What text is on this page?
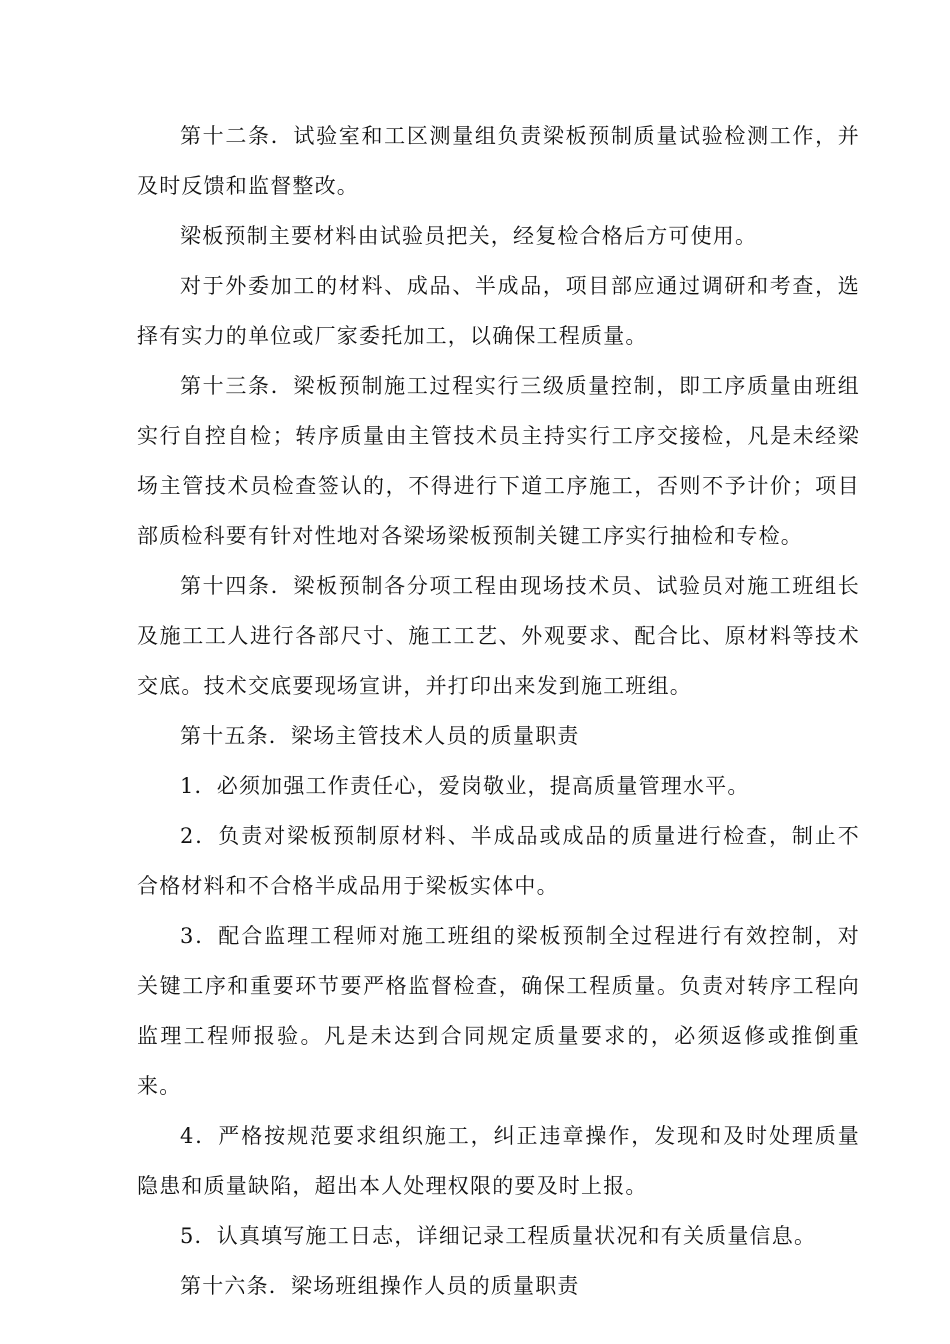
第十二条．试验室和工区测量组负责梁板预制质量试验检测工作，并及时反馈和监督整改。

梁板预制主要材料由试验员把关，经复检合格后方可使用。

对于外委加工的材料、成品、半成品，项目部应通过调研和考查，选择有实力的单位或厂家委托加工，以确保工程质量。

第十三条．梁板预制施工过程实行三级质量控制，即工序质量由班组实行自控自检；转序质量由主管技术员主持实行工序交接检，凡是未经梁场主管技术员检查签认的，不得进行下道工序施工，否则不予计价；项目部质检科要有针对性地对各梁场梁板预制关键工序实行抽检和专检。

第十四条．梁板预制各分项工程由现场技术员、试验员对施工班组长及施工工人进行各部尺寸、施工工艺、外观要求、配合比、原材料等技术交底。技术交底要现场宣讲，并打印出来发到施工班组。

第十五条．梁场主管技术人员的质量职责

1．必须加强工作责任心，爱岗敬业，提高质量管理水平。

2．负责对梁板预制原材料、半成品或成品的质量进行检查，制止不合格材料和不合格半成品用于梁板实体中。

3．配合监理工程师对施工班组的梁板预制全过程进行有效控制，对关键工序和重要环节要严格监督检查，确保工程质量。负责对转序工程向监理工程师报验。凡是未达到合同规定质量要求的，必须返修或推倒重来。

4．严格按规范要求组织施工，纠正违章操作，发现和及时处理质量隐患和质量缺陷，超出本人处理权限的要及时上报。

5．认真填写施工日志，详细记录工程质量状况和有关质量信息。

第十六条．梁场班组操作人员的质量职责
